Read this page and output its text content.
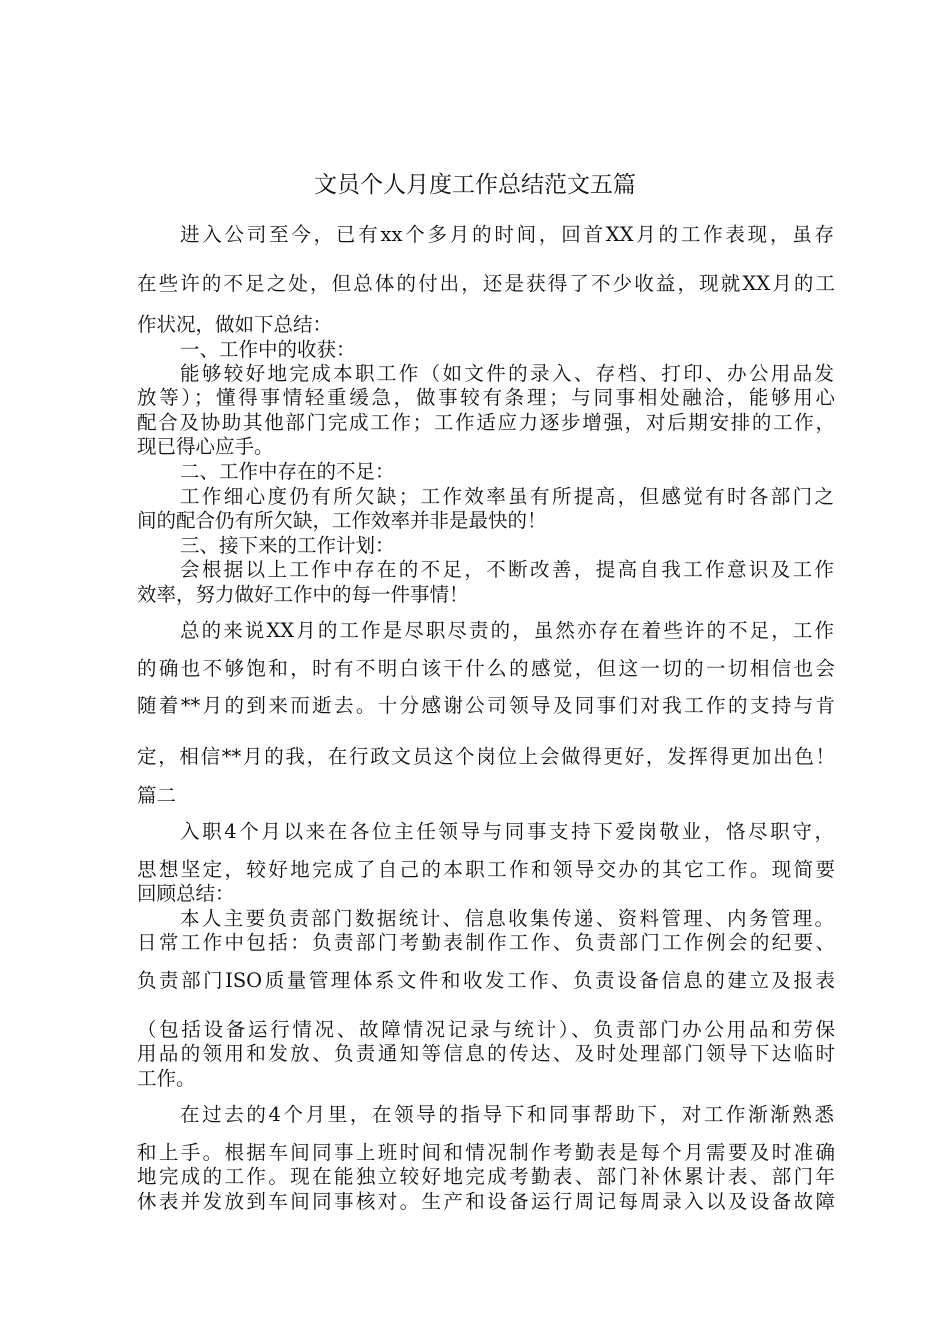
文员个人月度工作总结范文五篇
进入公司至今，已有xx个多月的时间，回首XX月的工作表现，虽存
在些许的不足之处，但总体的付出，还是获得了不少收益，现就XX月的工
作状况，做如下总结：
一、工作中的收获：
能够较好地完成本职工作（如文件的录入、存档、打印、办公用品发
放等）；懂得事情轻重缓急，做事较有条理；与同事相处融洽，能够用心
配合及协助其他部门完成工作；工作适应力逐步增强，对后期安排的工作，
现已得心应手。
二、工作中存在的不足：
工作细心度仍有所欠缺；工作效率虽有所提高，但感觉有时各部门之
间的配合仍有所欠缺，工作效率并非是最快的！
三、接下来的工作计划：
会根据以上工作中存在的不足，不断改善，提高自我工作意识及工作
效率，努力做好工作中的每一件事情！
总的来说XX月的工作是尽职尽责的，虽然亦存在着些许的不足，工作
的确也不够饱和，时有不明白该干什么的感觉，但这一切的一切相信也会
随着**月的到来而逝去。十分感谢公司领导及同事们对我工作的支持与肯
定，相信**月的我，在行政文员这个岗位上会做得更好，发挥得更加出色！
篇二
入职4个月以来在各位主任领导与同事支持下爱岗敬业，恪尽职守，
思想坚定，较好地完成了自己的本职工作和领导交办的其它工作。现简要
回顾总结：
本人主要负责部门数据统计、信息收集传递、资料管理、内务管理。
日常工作中包括：负责部门考勤表制作工作、负责部门工作例会的纪要、
负责部门ISO质量管理体系文件和收发工作、负责设备信息的建立及报表
（包括设备运行情况、故障情况记录与统计）、负责部门办公用品和劳保
用品的领用和发放、负责通知等信息的传达、及时处理部门领导下达临时
工作。
在过去的4个月里，在领导的指导下和同事帮助下，对工作渐渐熟悉
和上手。根据车间同事上班时间和情况制作考勤表是每个月需要及时准确
地完成的工作。现在能独立较好地完成考勤表、部门补休累计表、部门年
休表并发放到车间同事核对。生产和设备运行周记每周录入以及设备故障
